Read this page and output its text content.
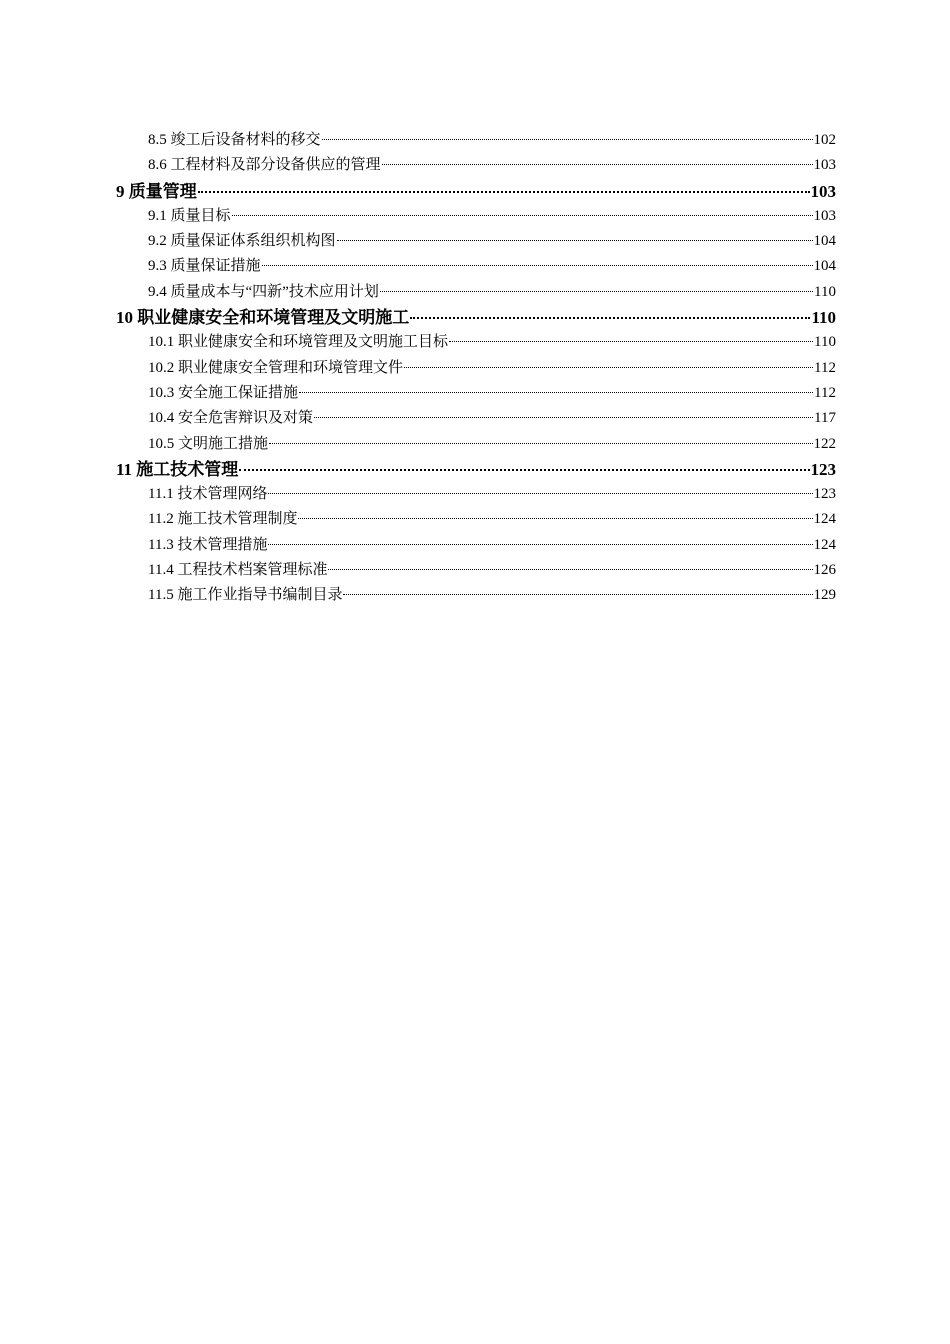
8.5 竣工后设备材料的移交	102
8.6 工程材料及部分设备供应的管理	103
9 质量管理	103
9.1 质量目标	103
9.2 质量保证体系组织机构图	104
9.3 质量保证措施	104
9.4 质量成本与“四新”技术应用计划	110
10 职业健康安全和环境管理及文明施工	110
10.1 职业健康安全和环境管理及文明施工目标	110
10.2 职业健康安全管理和环境管理文件	112
10.3 安全施工保证措施	112
10.4 安全危害辩识及对策	117
10.5 文明施工措施	122
11 施工技术管理	123
11.1 技术管理网络	123
11.2 施工技术管理制度	124
11.3 技术管理措施	124
11.4 工程技术档案管理标准	126
11.5 施工作业指导书编制目录	129
